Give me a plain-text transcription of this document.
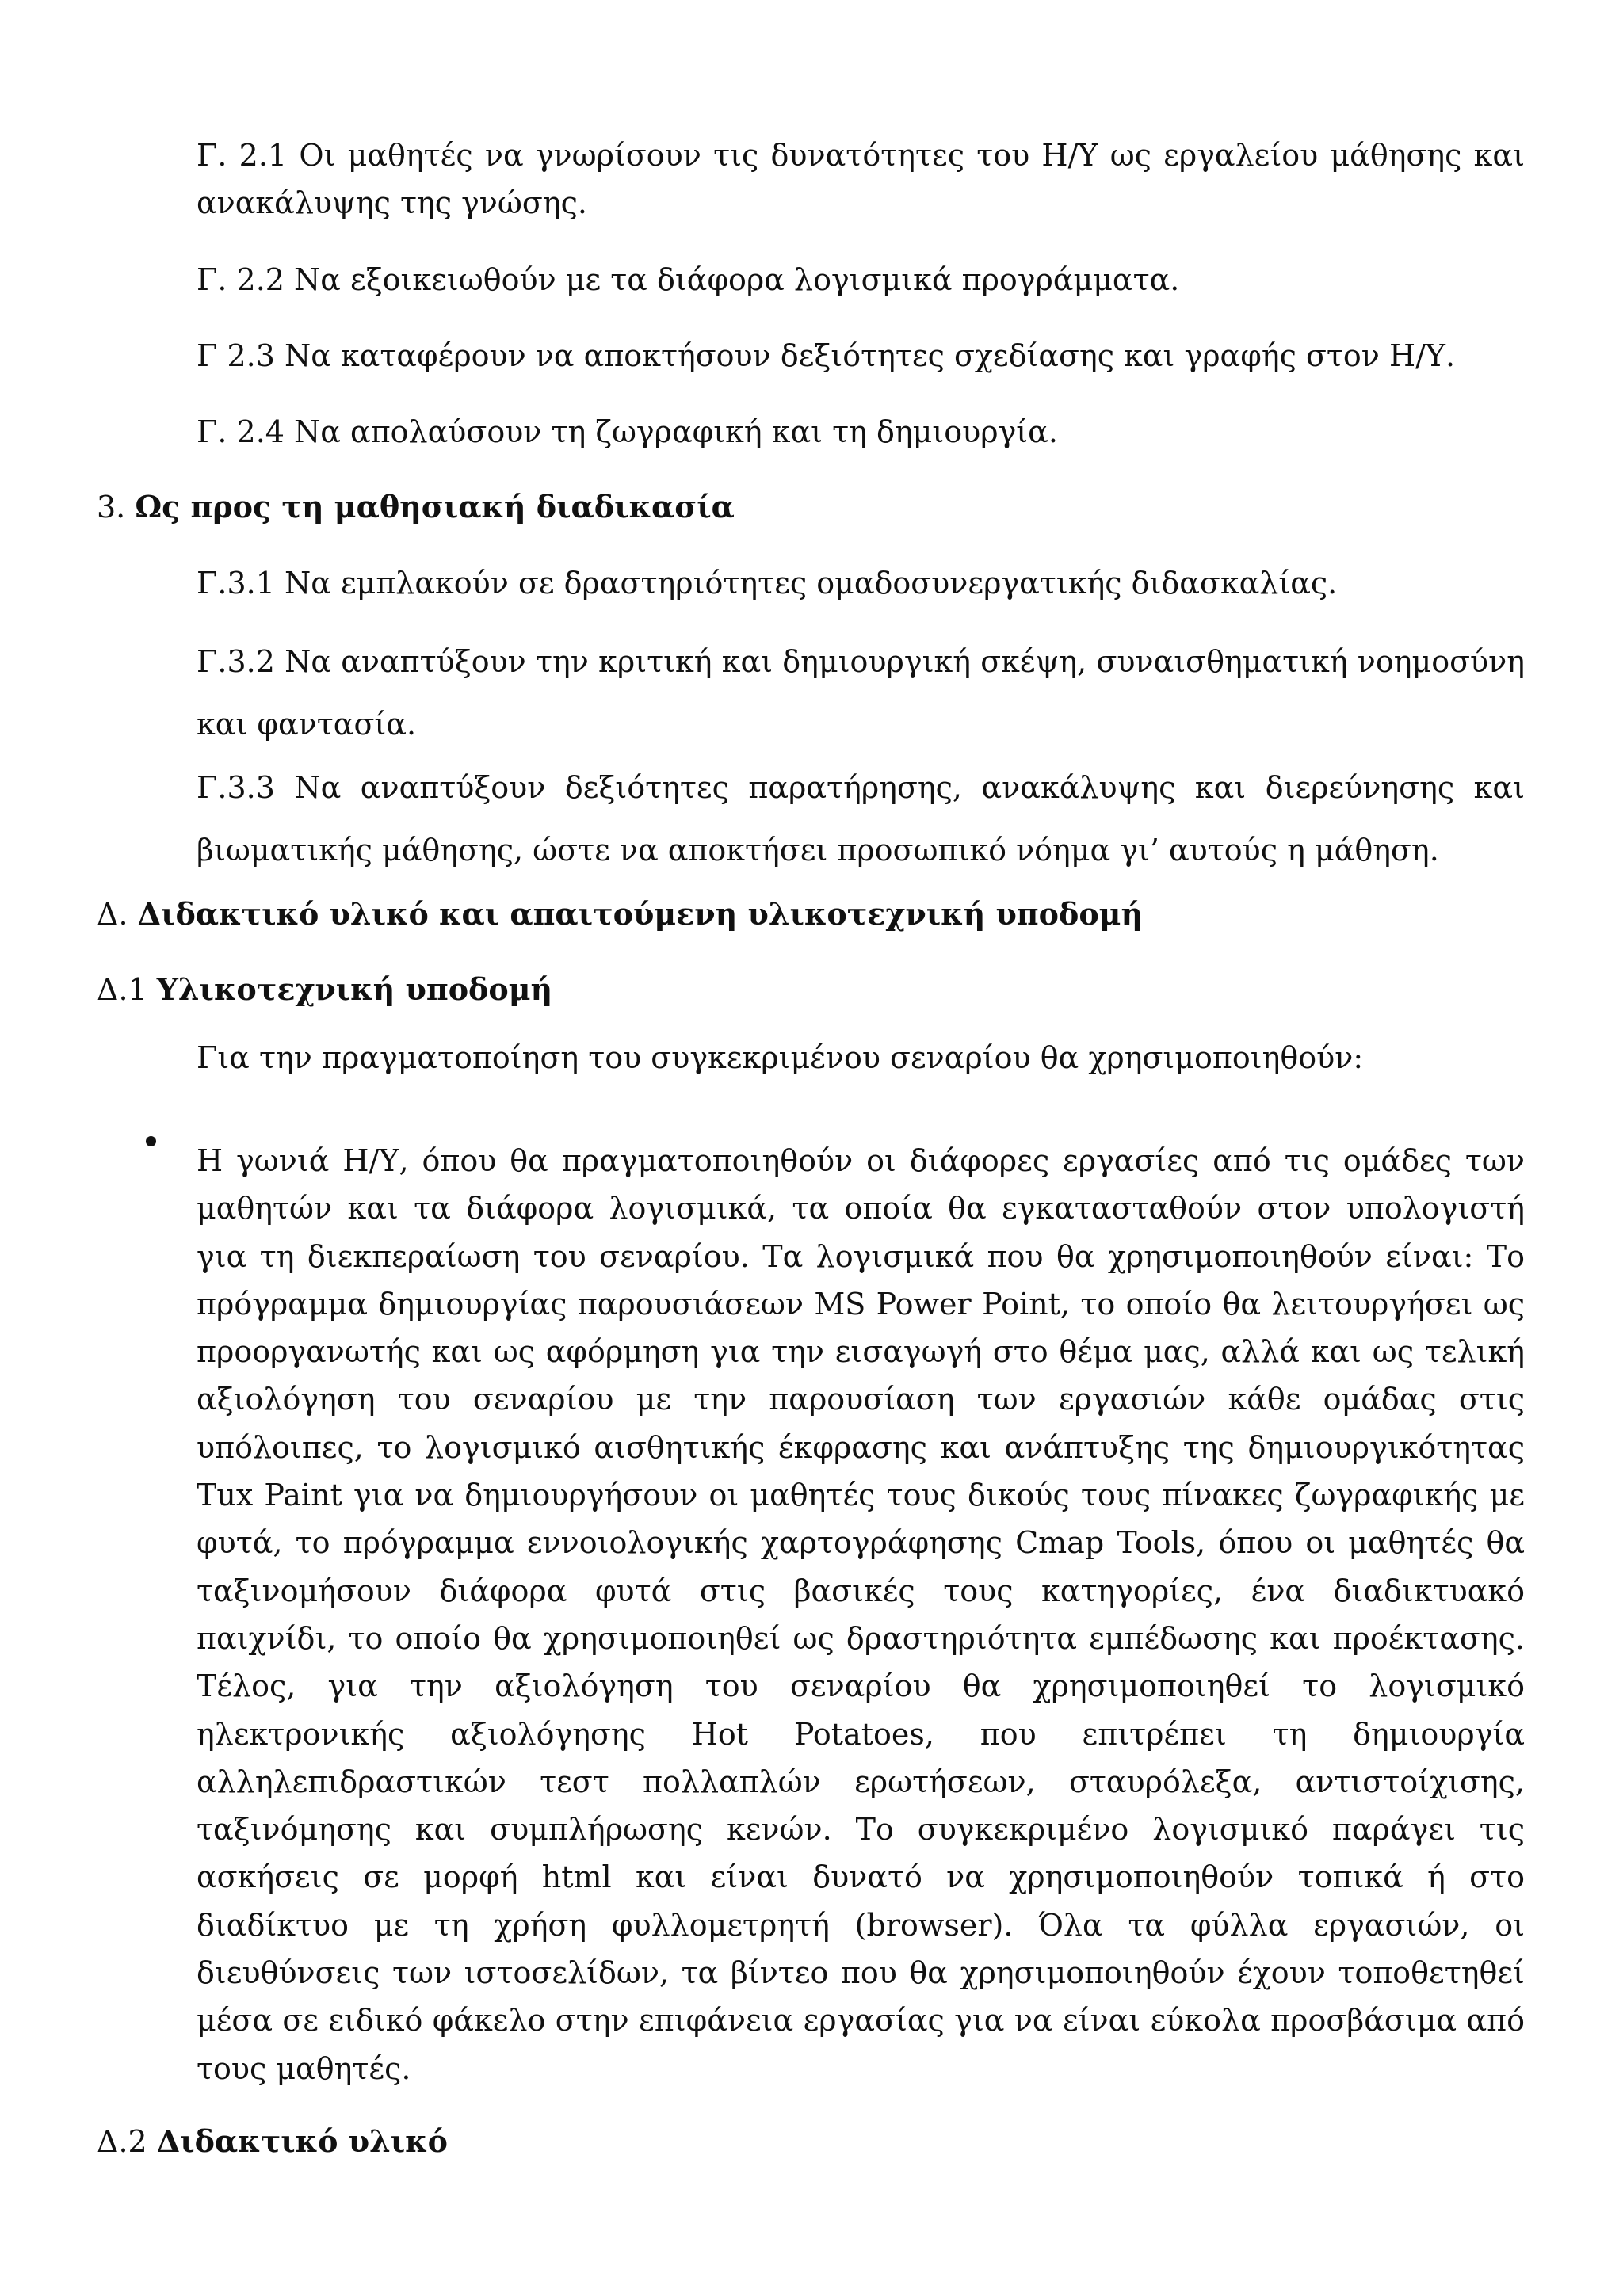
Γ. 2.1 Οι μαθητές να γνωρίσουν τις δυνατότητες του Η/Υ ως εργαλείου μάθησης και ανακάλυψης της γνώσης.

Γ. 2.2 Να εξοικειωθούν με τα διάφορα λογισμικά προγράμματα.

Γ 2.3 Να καταφέρουν να αποκτήσουν δεξιότητες σχεδίασης και γραφής στον Η/Υ.

Γ. 2.4 Να απολαύσουν τη ζωγραφική και τη δημιουργία.

3. Ως προς τη μαθησιακή διαδικασία

Γ.3.1 Να εμπλακούν σε δραστηριότητες ομαδοσυνεργατικής διδασκαλίας.

Γ.3.2 Να αναπτύξουν την κριτική και δημιουργική σκέψη, συναισθηματική νοημοσύνη και φαντασία.

Γ.3.3 Να αναπτύξουν δεξιότητες παρατήρησης, ανακάλυψης και διερεύνησης και βιωματικής μάθησης, ώστε να αποκτήσει προσωπικό νόημα γι’ αυτούς η μάθηση.

Δ. Διδακτικό υλικό και απαιτούμενη υλικοτεχνική υποδομή

Δ.1 Υλικοτεχνική υποδομή

Για την πραγματοποίηση του συγκεκριμένου σεναρίου θα χρησιμοποιηθούν:

Η γωνιά Η/Υ, όπου θα πραγματοποιηθούν οι διάφορες εργασίες από τις ομάδες των μαθητών και τα διάφορα λογισμικά, τα οποία θα εγκατασταθούν στον υπολογιστή για τη διεκπεραίωση του σεναρίου. Τα λογισμικά που θα χρησιμοποιηθούν είναι: Το πρόγραμμα δημιουργίας παρουσιάσεων MS Power Point, το οποίο θα λειτουργήσει ως προοργανωτής και ως αφόρμηση για την εισαγωγή στο θέμα μας, αλλά και ως τελική αξιολόγηση του σεναρίου με την παρουσίαση των εργασιών κάθε ομάδας στις υπόλοιπες, το λογισμικό αισθητικής έκφρασης και ανάπτυξης της δημιουργικότητας Tux Paint για να δημιουργήσουν οι μαθητές τους δικούς τους πίνακες ζωγραφικής με φυτά, το πρόγραμμα εννοιολογικής χαρτογράφησης Cmap Tools, όπου οι μαθητές θα ταξινομήσουν διάφορα φυτά στις βασικές τους κατηγορίες, ένα διαδικτυακό παιχνίδι, το οποίο θα χρησιμοποιηθεί ως δραστηριότητα εμπέδωσης και προέκτασης. Τέλος, για την αξιολόγηση του σεναρίου θα χρησιμοποιηθεί το λογισμικό ηλεκτρονικής αξιολόγησης Hot Potatoes, που επιτρέπει τη δημιουργία αλληλεπιδραστικών τεστ πολλαπλών ερωτήσεων, σταυρόλεξα, αντιστοίχισης, ταξινόμησης και συμπλήρωσης κενών. Το συγκεκριμένο λογισμικό παράγει τις ασκήσεις σε μορφή html και είναι δυνατό να χρησιμοποιηθούν τοπικά ή στο διαδίκτυο με τη χρήση φυλλομετρητή (browser). Όλα τα φύλλα εργασιών, οι διευθύνσεις των ιστοσελίδων, τα βίντεο που θα χρησιμοποιηθούν έχουν τοποθετηθεί μέσα σε ειδικό φάκελο στην επιφάνεια εργασίας για να είναι εύκολα προσβάσιμα από τους μαθητές.

Δ.2 Διδακτικό υλικό
